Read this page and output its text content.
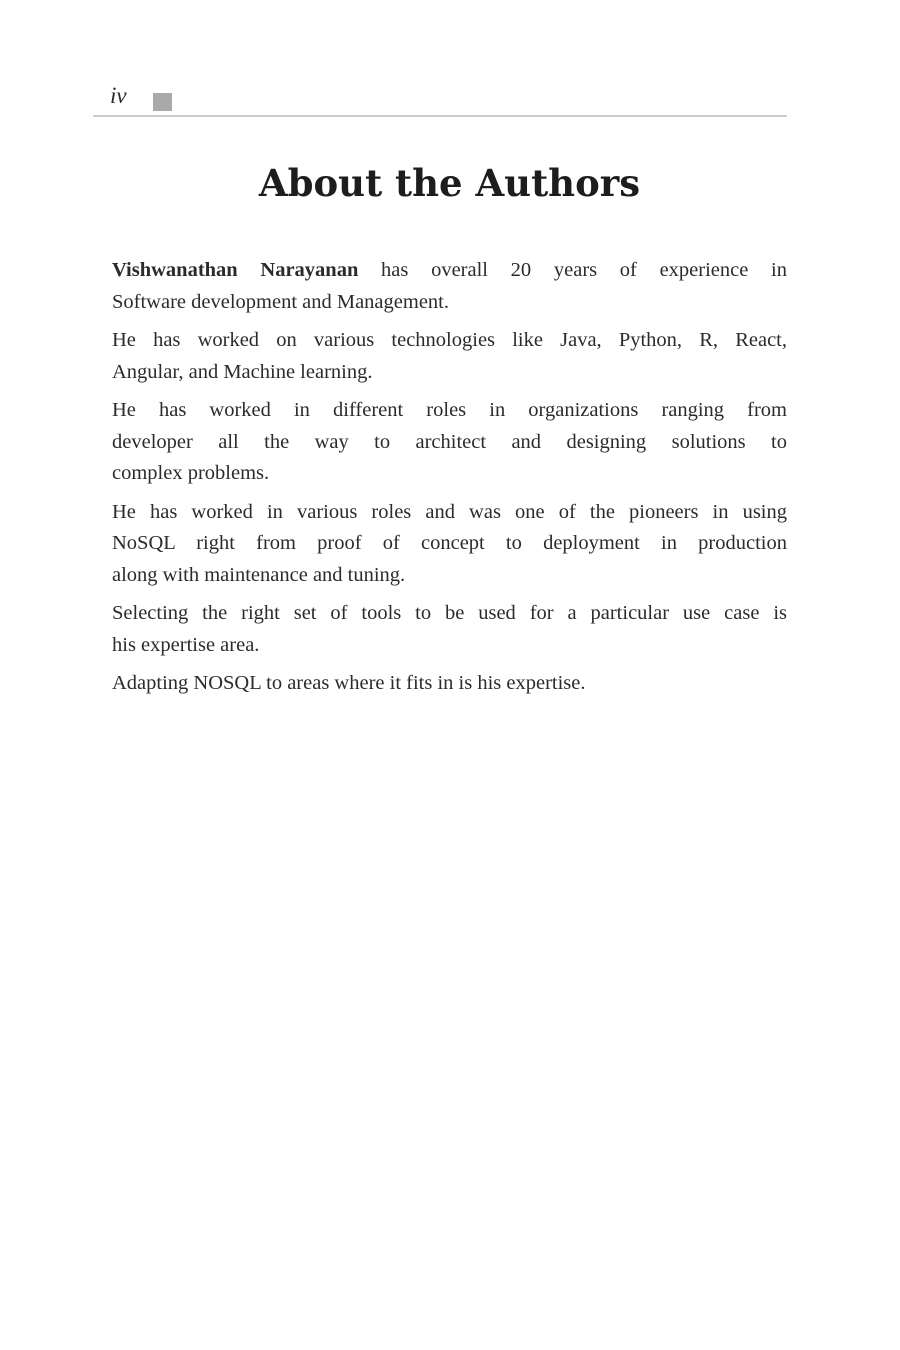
iv
About the Authors
Vishwanathan Narayanan has overall 20 years of experience in
Software development and Management.
He has worked on various technologies like Java, Python, R, React,
Angular, and Machine learning.
He has worked in different roles in organizations ranging from
developer all the way to architect and designing solutions to
complex problems.
He has worked in various roles and was one of the pioneers in using
NoSQL right from proof of concept to deployment in production
along with maintenance and tuning.
Selecting the right set of tools to be used for a particular use case is
his expertise area.
Adapting NOSQL to areas where it fits in is his expertise.
